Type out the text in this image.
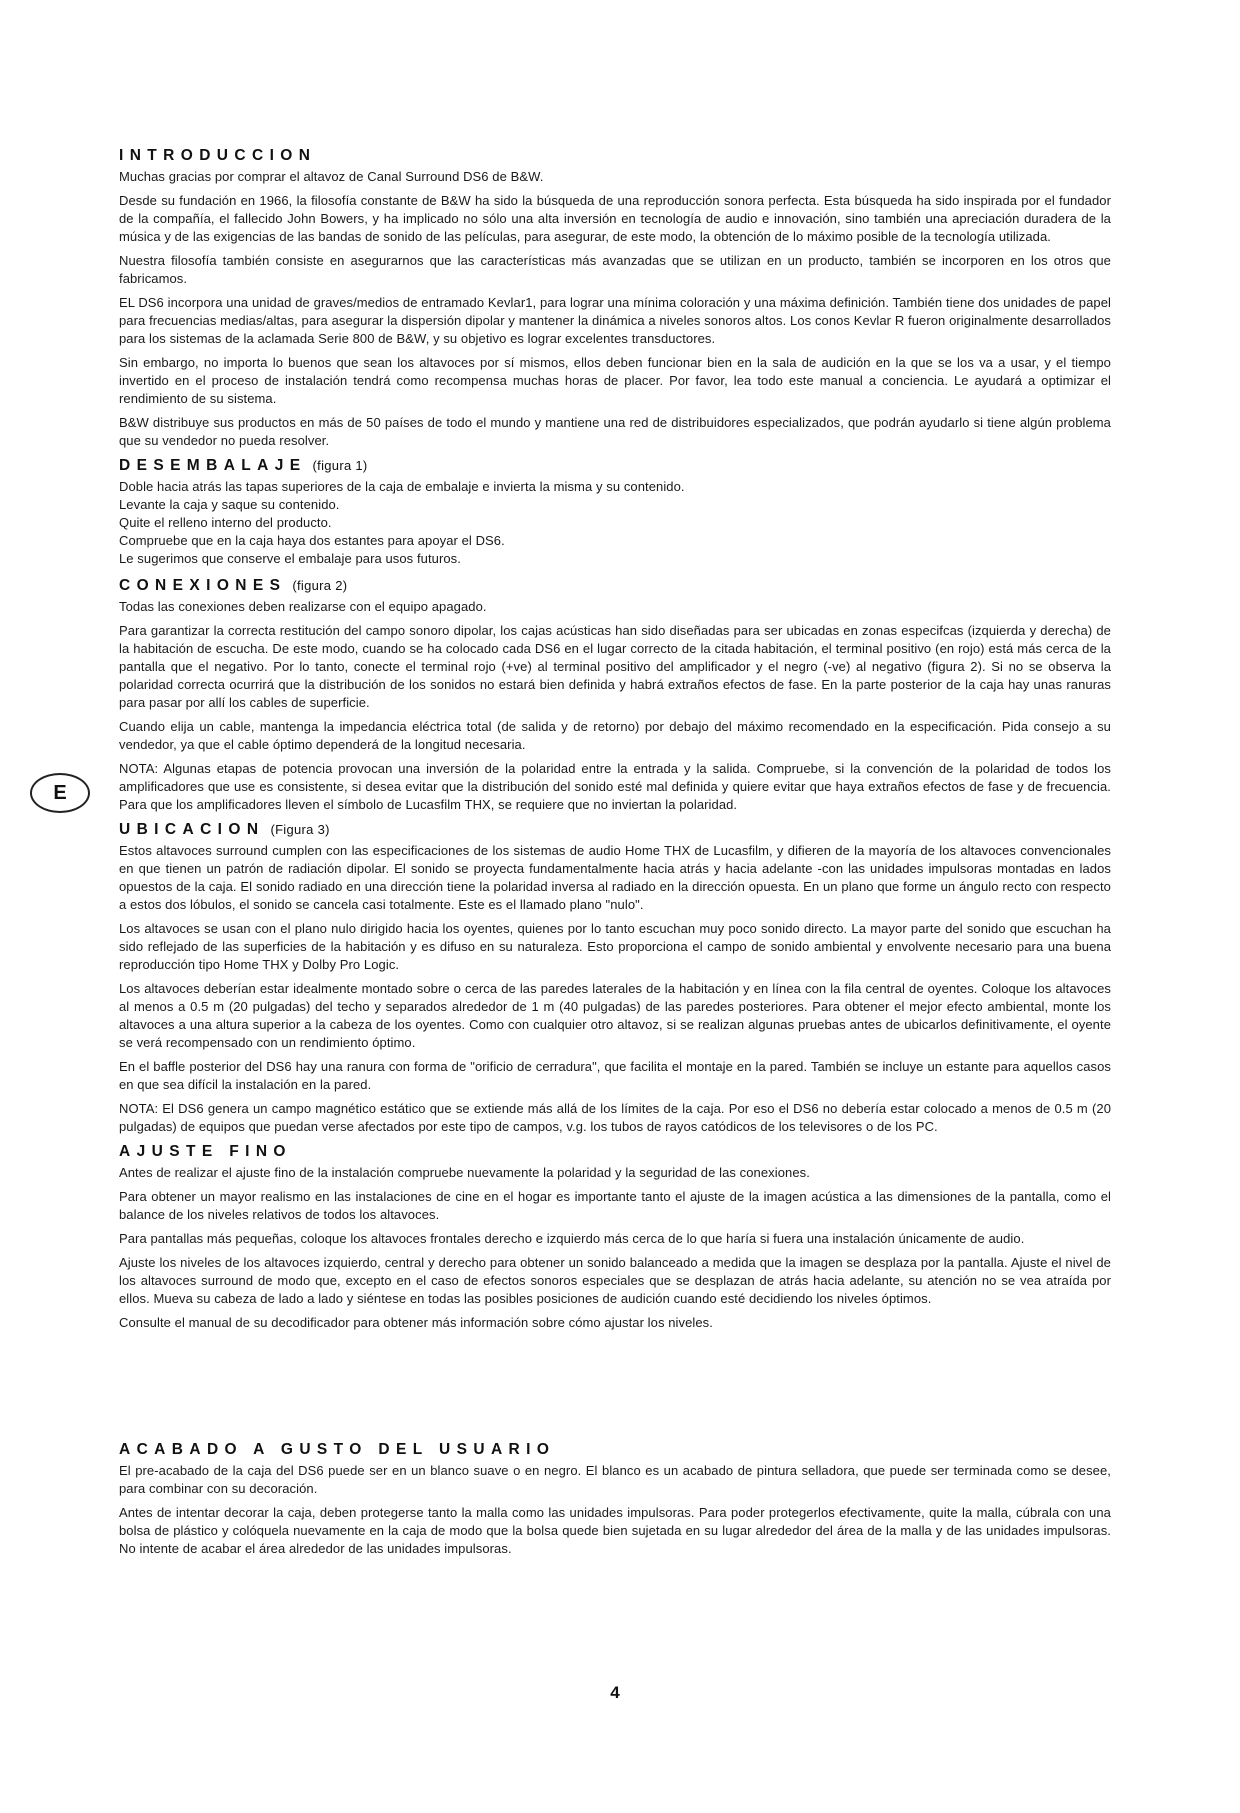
E
INTRODUCCION

Muchas gracias por comprar el altavoz de Canal Surround DS6 de B&W.

Desde su fundación en 1966, la filosofía constante de B&W ha sido la búsqueda de una reproducción sonora perfecta. Esta búsqueda ha sido inspirada por el fundador de la compañía, el fallecido John Bowers, y ha implicado no sólo una alta inversión en tecnología de audio e innovación, sino también una apreciación duradera de la música y de las exigencias de las bandas de sonido de las películas, para asegurar, de este modo, la obtención de lo máximo posible de la tecnología utilizada.

Nuestra filosofía también consiste en asegurarnos que las características más avanzadas que se utilizan en un producto, también se incorporen en los otros que fabricamos.

EL DS6 incorpora una unidad de graves/medios de entramado Kevlar1, para lograr una mínima coloración y una máxima definición. También tiene dos unidades de papel para frecuencias medias/altas, para asegurar la dispersión dipolar y mantener la dinámica a niveles sonoros altos. Los conos Kevlar R fueron originalmente desarrollados para los sistemas de la aclamada Serie 800 de B&W, y su objetivo es lograr excelentes transductores.

Sin embargo, no importa lo buenos que sean los altavoces por sí mismos, ellos deben funcionar bien en la sala de audición en la que se los va a usar, y el tiempo invertido en el proceso de instalación tendrá como recompensa muchas horas de placer. Por favor, lea todo este manual a conciencia. Le ayudará a optimizar el rendimiento de su sistema.

B&W distribuye sus productos en más de 50 países de todo el mundo y mantiene una red de distribuidores especializados, que podrán ayudarlo si tiene algún problema que su vendedor no pueda resolver.

DESEMBALAJE (figura 1)

Doble hacia atrás las tapas superiores de la caja de embalaje e invierta la misma y su contenido.

Levante la caja y saque su contenido.

Quite el relleno interno del producto.

Compruebe que en la caja haya dos estantes para apoyar el DS6.

Le sugerimos que conserve el embalaje para usos futuros.

CONEXIONES (figura 2)

Todas las conexiones deben realizarse con el equipo apagado.

Para garantizar la correcta restitución del campo sonoro dipolar, los cajas acústicas han sido diseñadas para ser ubicadas en zonas especifcas (izquierda y derecha) de la habitación de escucha. De este modo, cuando se ha colocado cada DS6 en el lugar correcto de la citada habitación, el terminal positivo (en rojo) está más cerca de la pantalla que el negativo. Por lo tanto, conecte el terminal rojo (+ve) al terminal positivo del amplificador y el negro (-ve) al negativo (figura 2). Si no se observa la polaridad correcta ocurrirá que la distribución de los sonidos no estará bien definida y habrá extraños efectos de fase. En la parte posterior de la caja hay unas ranuras para pasar por allí los cables de superficie.

Cuando elija un cable, mantenga la impedancia eléctrica total (de salida y de retorno) por debajo del máximo recomendado en la especificación. Pida consejo a su vendedor, ya que el cable óptimo dependerá de la longitud necesaria.

NOTA: Algunas etapas de potencia provocan una inversión de la polaridad entre la entrada y la salida. Compruebe, si la convención de la polaridad de todos los amplificadores que use es consistente, si desea evitar que la distribución del sonido esté mal definida y quiere evitar que haya extraños efectos de fase y de frecuencia. Para que los amplificadores lleven el símbolo de Lucasfilm THX, se requiere que no inviertan la polaridad.

UBICACION (Figura 3)

Estos altavoces surround cumplen con las especificaciones de los sistemas de audio Home THX de Lucasfilm, y difieren de la mayoría de los altavoces convencionales en que tienen un patrón de radiación dipolar. El sonido se proyecta fundamentalmente hacia atrás y hacia adelante -con las unidades impulsoras montadas en lados opuestos de la caja. El sonido radiado en una dirección tiene la polaridad inversa al radiado en la dirección opuesta. En un plano que forme un ángulo recto con respecto a estos dos lóbulos, el sonido se cancela casi totalmente. Este es el llamado plano "nulo".

Los altavoces se usan con el plano nulo dirigido hacia los oyentes, quienes por lo tanto escuchan muy poco sonido directo. La mayor parte del sonido que escuchan ha sido reflejado de las superficies de la habitación y es difuso en su naturaleza. Esto proporciona el campo de sonido ambiental y envolvente necesario para una buena reproducción tipo Home THX y Dolby Pro Logic.

Los altavoces deberían estar idealmente montado sobre o cerca de las paredes laterales de la habitación y en línea con la fila central de oyentes. Coloque los altavoces al menos a 0.5 m (20 pulgadas) del techo y separados alrededor de 1 m (40 pulgadas) de las paredes posteriores. Para obtener el mejor efecto ambiental, monte los altavoces a una altura superior a la cabeza de los oyentes. Como con cualquier otro altavoz, si se realizan algunas pruebas antes de ubicarlos definitivamente, el oyente se verá recompensado con un rendimiento óptimo.

En el baffle posterior del DS6 hay una ranura con forma de "orificio de cerradura", que facilita el montaje en la pared. También se incluye un estante para aquellos casos en que sea difícil la instalación en la pared.

NOTA: El DS6 genera un campo magnético estático que se extiende más allá de los límites de la caja. Por eso el DS6 no debería estar colocado a menos de 0.5 m (20 pulgadas) de equipos que puedan verse afectados por este tipo de campos, v.g. los tubos de rayos catódicos de los televisores o de los PC.

AJUSTE FINO

Antes de realizar el ajuste fino de la instalación compruebe nuevamente la polaridad y la seguridad de las conexiones.

Para obtener un mayor realismo en las instalaciones de cine en el hogar es importante tanto el ajuste de la imagen acústica a las dimensiones de la pantalla, como el balance de los niveles relativos de todos los altavoces.

Para pantallas más pequeñas, coloque los altavoces frontales derecho e izquierdo más cerca de lo que haría si fuera una instalación únicamente de audio.

Ajuste los niveles de los altavoces izquierdo, central y derecho para obtener un sonido balanceado a medida que la imagen se desplaza por la pantalla. Ajuste el nivel de los altavoces surround de modo que, excepto en el caso de efectos sonoros especiales que se desplazan de atrás hacia adelante, su atención no se vea atraída por ellos. Mueva su cabeza de lado a lado y siéntese en todas las posibles posiciones de audición cuando esté decidiendo los niveles óptimos.

Consulte el manual de su decodificador para obtener más información sobre cómo ajustar los niveles.

ACABADO A GUSTO DEL USUARIO

El pre-acabado de la caja del DS6 puede ser en un blanco suave o en negro. El blanco es un acabado de pintura selladora, que puede ser terminada como se desee, para combinar con su decoración.

Antes de intentar decorar la caja, deben protegerse tanto la malla como las unidades impulsoras. Para poder protegerlos efectivamente, quite la malla, cúbrala con una bolsa de plástico y colóquela nuevamente en la caja de modo que la bolsa quede bien sujetada en su lugar alrededor del área de la malla y de las unidades impulsoras. No intente de acabar el área alrededor de las unidades impulsoras.

4
